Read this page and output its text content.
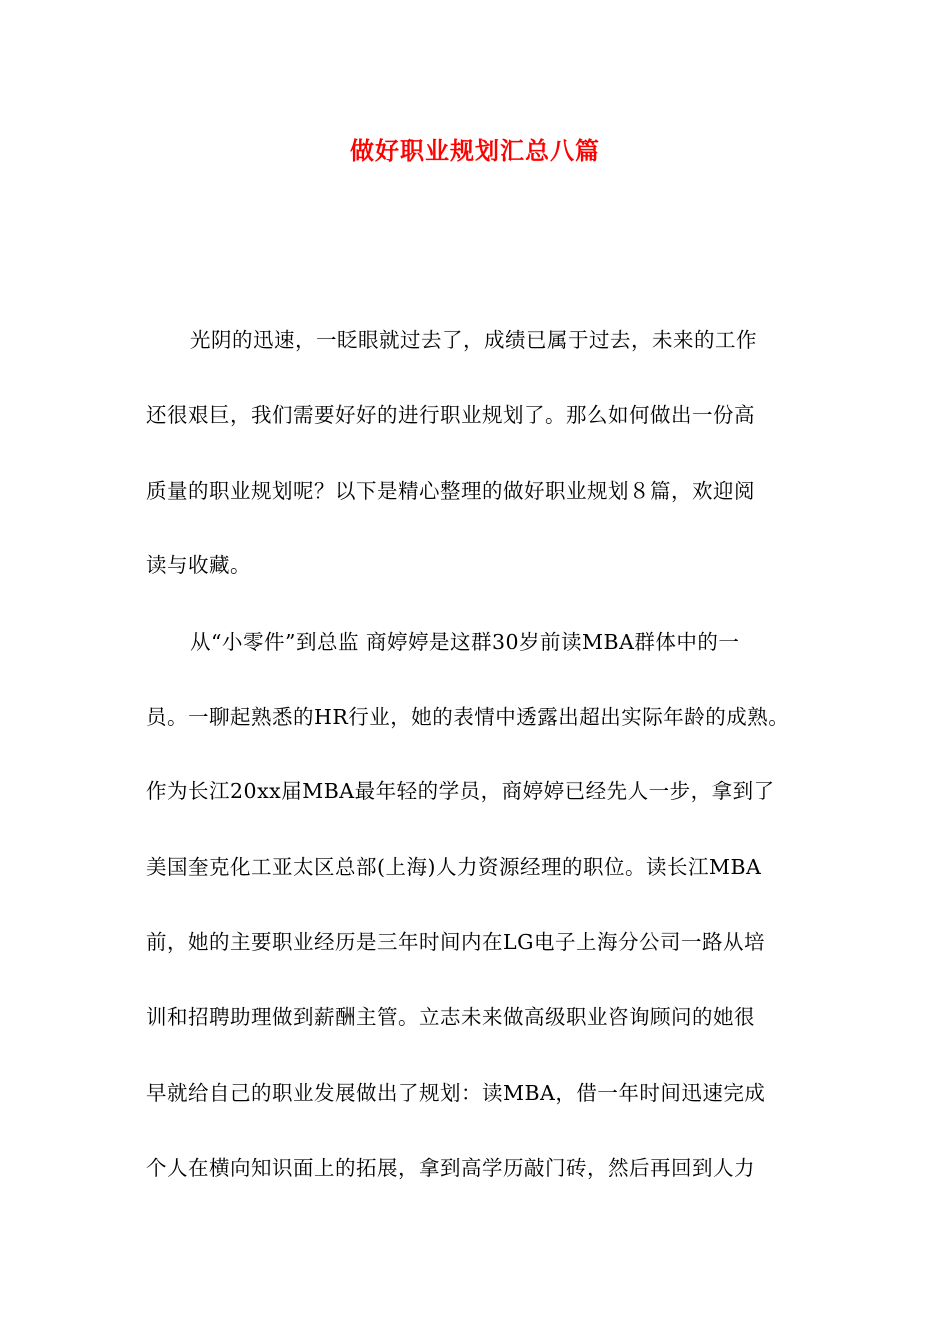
做好职业规划汇总八篇
光阴的迅速，一眨眼就过去了，成绩已属于过去，未来的工作
还很艰巨，我们需要好好的进行职业规划了。那么如何做出一份高
质量的职业规划呢？以下是精心整理的做好职业规划８篇，欢迎阅
读与收藏。
从“小零件”到总监 商婷婷是这群30岁前读MBA群体中的一
员。一聊起熟悉的HR行业，她的表情中透露出超出实际年龄的成熟。
作为长江20xx届MBA最年轻的学员，商婷婷已经先人一步，拿到了
美国奎克化工亚太区总部(上海)人力资源经理的职位。读长江MBA
前，她的主要职业经历是三年时间内在LG电子上海分公司一路从培
训和招聘助理做到薪酬主管。立志未来做高级职业咨询顾问的她很
早就给自己的职业发展做出了规划：读MBA，借一年时间迅速完成
个人在横向知识面上的拓展，拿到高学历敲门砖，然后再回到人力
